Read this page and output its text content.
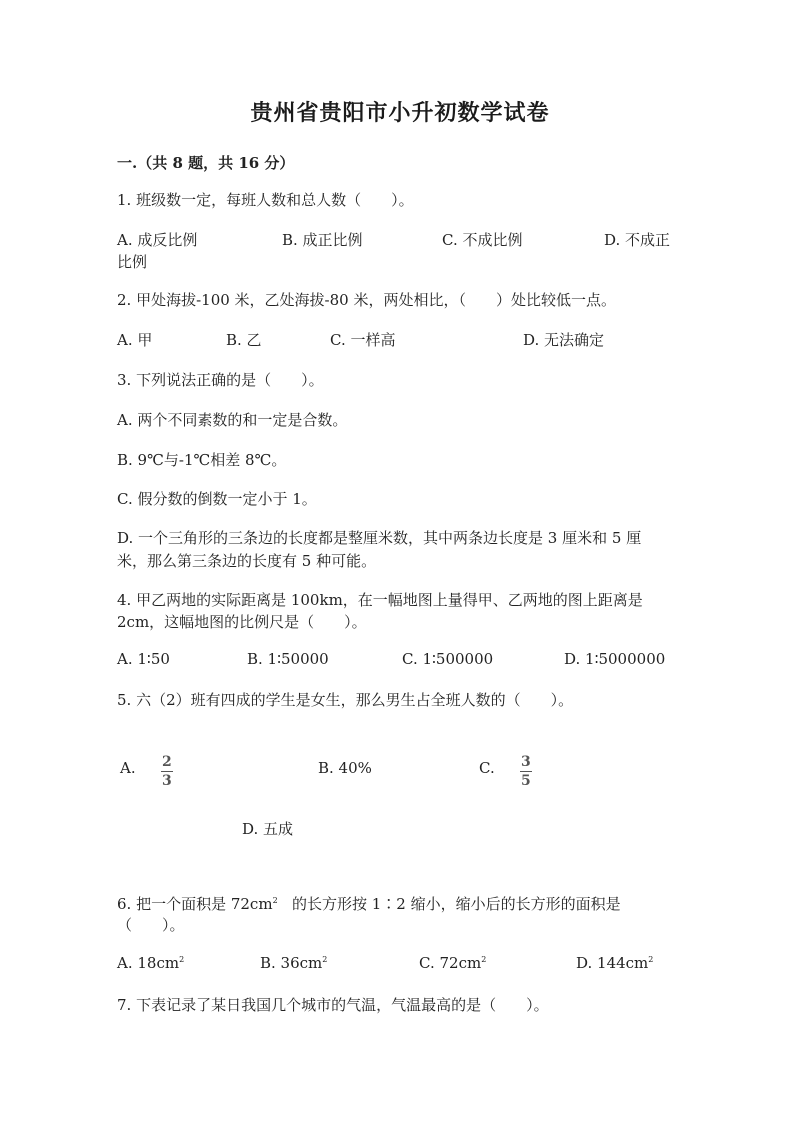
贵州省贵阳市小升初数学试卷
一.（共 8 题，共 16 分）
1. 班级数一定，每班人数和总人数（　　）。
A. 成反比例	B. 成正比例	C. 不成比例	D. 不成正
比例
2. 甲处海拔-100 米，乙处海拔-80 米，两处相比，（　　）处比较低一点。
A. 甲	B. 乙	C. 一样高	D. 无法确定
3. 下列说法正确的是（　　）。
A. 两个不同素数的和一定是合数。
B. 9℃与-1℃相差 8℃。
C. 假分数的倒数一定小于 1。
D. 一个三角形的三条边的长度都是整厘米数，其中两条边长度是 3 厘米和 5 厘
米，那么第三条边的长度有 5 种可能。
4. 甲乙两地的实际距离是 100km，在一幅地图上量得甲、乙两地的图上距离是
2cm，这幅地图的比例尺是（　　）。
A. 1∶50	B. 1∶50000	C. 1∶500000	D. 1∶5000000
5. 六（2）班有四成的学生是女生，那么男生占全班人数的（　　）。
A. $\frac{2}{3}$	B. 40%	C. $\frac{3}{5}$
D. 五成
6. 把一个面积是 $72cm^2$ 的长方形按 1∶2 缩小，缩小后的长方形的面积是
（　　）。
A. $18cm^2$	B. $36cm^2$	C. $72cm^2$	D. $144cm^2$
7. 下表记录了某日我国几个城市的气温，气温最高的是（　　）。
